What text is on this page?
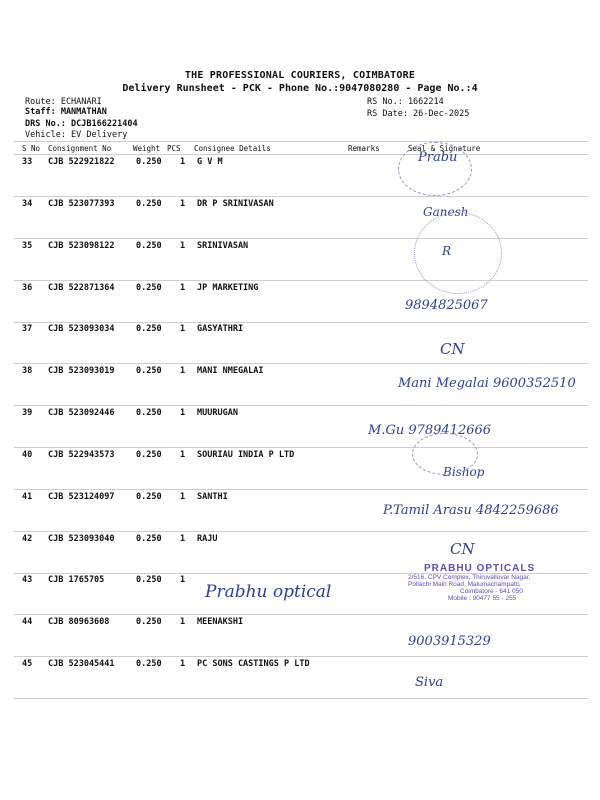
THE PROFESSIONAL COURIERS, COIMBATORE
Delivery Runsheet - PCK - Phone No.:9047080280 - Page No.:4
Route: ECHANARI
Staff: MANMATHAN
DRS No.: DCJB166221404
Vehicle: EV Delivery
RS No.: 1662214
RS Date: 26-Dec-2025
S No Consignment No	Weight PCS Consignee Details	Remarks	Seal & Signature
33 CJB 522921822	0.250 1 G V M	Prabu
34 CJB 523077393	0.250 1 DR P SRINIVASAN
Ganesh
35 CJB 523098122	0.250 1 SRINIVASAN	R
36 CJB 522871364	0.250 1 JP MARKETING
9894825067
37 CJB 523093034	0.250 1 GASYATHRI
CN
38 CJB 523093019	0.250 1 MANI NMEGALAI
Mani Megalai 9600352510
39 CJB 523092446	0.250 1 MUURUGAN
M.Gu 9789412666
40 CJB 522943573	0.250 1 SOURIAU INDIA P LTD
Bishop
41 CJB 523124097	0.250 1 SANTHI
P.Tamil Arasu 4842259686
42 CJB 523093040	0.250 1 RAJU
CN
43 CJB 1765705	0.250 1
Prabhu optical
44 CJB 80963608	0.250 1 MEENAKSHI
9003915329
45 CJB 523045441	0.250 1 PC SONS CASTINGS P LTD
Siva
PRABHU OPTICALS
2/516, CPV Complex, Thiruvalluvar Nagar,
Pollachi Main Road, Malumachampatti,
Coimbatore - 641 050
Mobile : 90477 55 - 255
